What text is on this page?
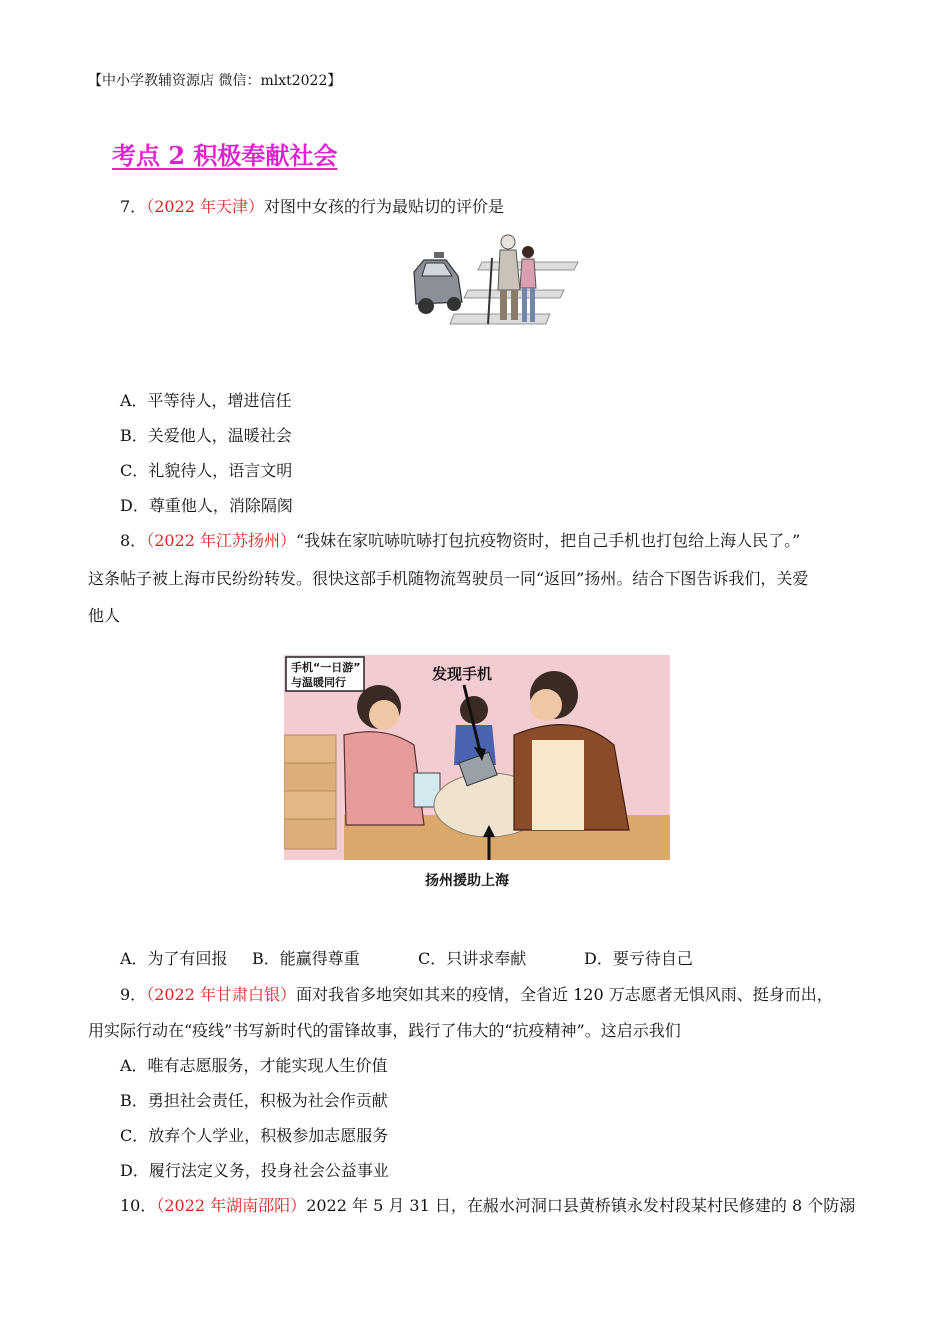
【中小学教辅资源店 微信：mlxt2022】
考点 2 积极奉献社会
7．（2022 年天津）对图中女孩的行为最贴切的评价是
A．平等待人，增进信任
B．关爱他人，温暖社会
C．礼貌待人，语言文明
D．尊重他人，消除隔阂
8．（2022 年江苏扬州）“我妹在家吭哧吭哧打包抗疫物资时，把自己手机也打包给上海人民了。”
这条帖子被上海市民纷纷转发。很快这部手机随物流驾驶员一同“返回”扬州。结合下图告诉我们，关爱
他人
手机“一日游”
与温暖同行	发现手机
扬州援助上海
A．为了有回报 B．能赢得尊重	C．只讲求奉献	D．要亏待自己
9．（2022 年甘肃白银）面对我省多地突如其来的疫情，全省近 120 万志愿者无惧风雨、挺身而出，
用实际行动在“疫线”书写新时代的雷锋故事，践行了伟大的“抗疫精神”。这启示我们
A．唯有志愿服务，才能实现人生价值
B．勇担社会责任，积极为社会作贡献
C．放弃个人学业，积极参加志愿服务
D．履行法定义务，投身社会公益事业
10．（2022 年湖南邵阳）2022 年 5 月 31 日，在赧水河洞口县黄桥镇永发村段某村民修建的 8 个防溺
